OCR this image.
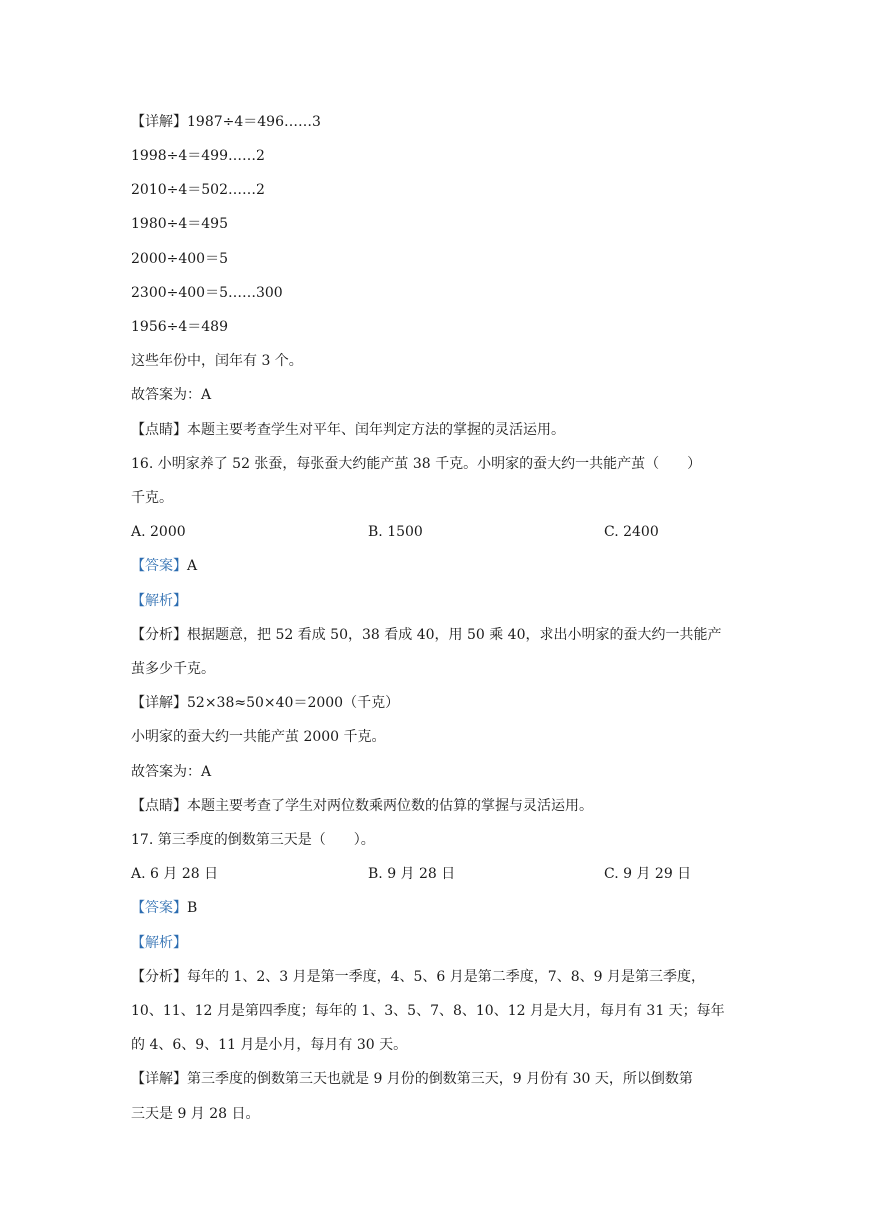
【详解】1987÷4＝496……3
1998÷4＝499……2
2010÷4＝502……2
1980÷4＝495
2000÷400＝5
2300÷400＝5……300
1956÷4＝489
这些年份中，闰年有 3 个。
故答案为：A
【点睛】本题主要考查学生对平年、闰年判定方法的掌握的灵活运用。
16. 小明家养了 52 张蚕，每张蚕大约能产茧 38 千克。小明家的蚕大约一共能产茧（　　）
千克。
A. 2000	B. 1500	C. 2400
【答案】A
【解析】
【分析】根据题意，把 52 看成 50，38 看成 40，用 50 乘 40，求出小明家的蚕大约一共能产
茧多少千克。
【详解】52×38≈50×40＝2000（千克）
小明家的蚕大约一共能产茧 2000 千克。
故答案为：A
【点睛】本题主要考查了学生对两位数乘两位数的估算的掌握与灵活运用。
17. 第三季度的倒数第三天是（　　）。
A. 6 月 28 日	B. 9 月 28 日	C. 9 月 29 日
【答案】B
【解析】
【分析】每年的 1、2、3 月是第一季度，4、5、6 月是第二季度，7、8、9 月是第三季度，
10、11、12 月是第四季度；每年的 1、3、5、7、8、10、12 月是大月，每月有 31 天；每年
的 4、6、9、11 月是小月，每月有 30 天。
【详解】第三季度的倒数第三天也就是 9 月份的倒数第三天，9 月份有 30 天，所以倒数第
三天是 9 月 28 日。
